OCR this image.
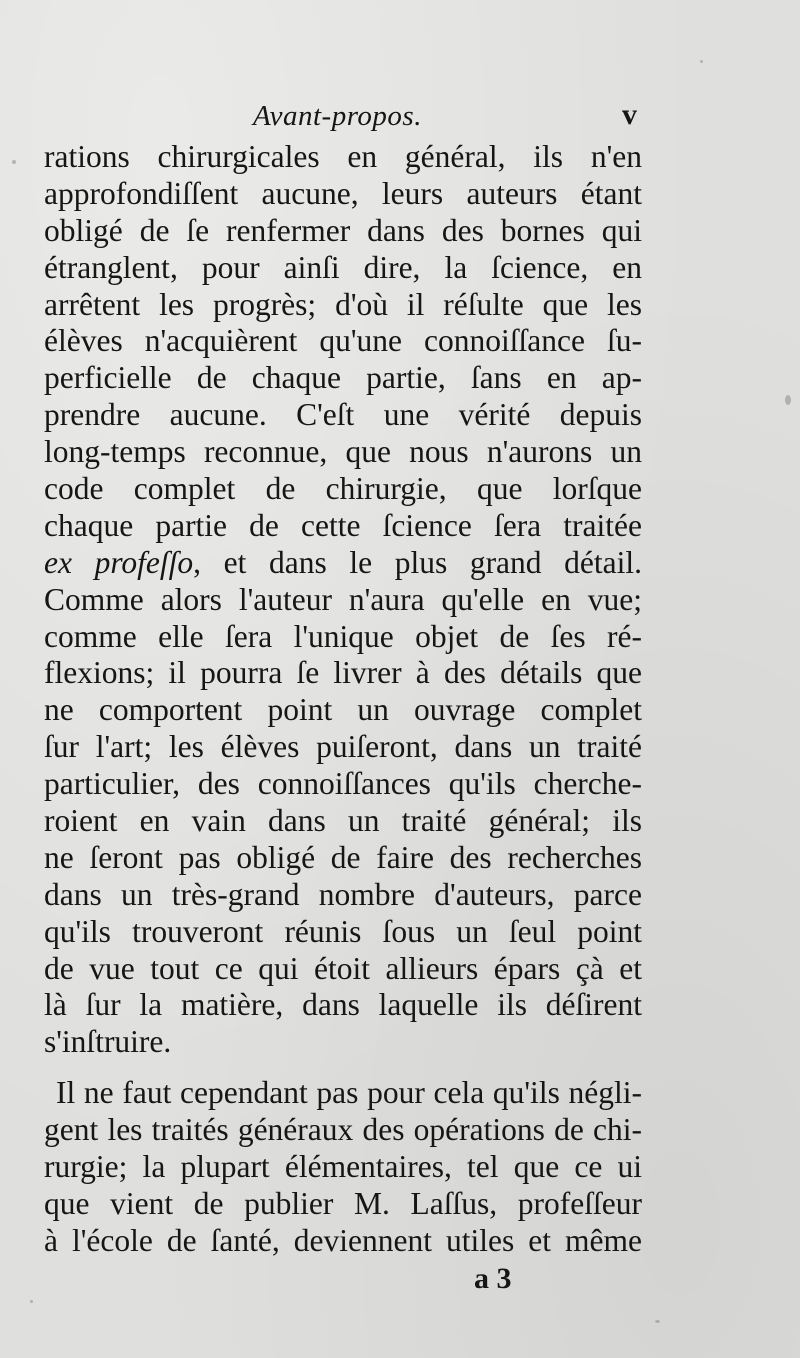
Avant-propos.	v
rations chirurgicales en général, ils n'en
approfondiſſent aucune, leurs auteurs étant
obligé de ſe renfermer dans des bornes qui
étranglent, pour ainſi dire, la ſcience, en
arrêtent les progrès; d'où il réſulte que les
élèves n'acquièrent qu'une connoiſſance ſu-
perficielle de chaque partie, ſans en ap-
prendre aucune. C'eſt une vérité depuis
long-temps reconnue, que nous n'aurons un
code complet de chirurgie, que lorſque
chaque partie de cette ſcience ſera traitée
ex profeſſo, et dans le plus grand détail.
Comme alors l'auteur n'aura qu'elle en vue;
comme elle ſera l'unique objet de ſes ré-
flexions; il pourra ſe livrer à des détails que
ne comportent point un ouvrage complet
ſur l'art; les élèves puiſeront, dans un traité
particulier, des connoiſſances qu'ils cherche-
roient en vain dans un traité général; ils
ne ſeront pas obligé de faire des recherches
dans un très-grand nombre d'auteurs, parce
qu'ils trouveront réunis ſous un ſeul point
de vue tout ce qui étoit allieurs épars çà et
là ſur la matière, dans laquelle ils déſirent
s'inſtruire.
Il ne faut cependant pas pour cela qu'ils négli-
gent les traités généraux des opérations de chi-
rurgie; la plupart élémentaires, tel que ce ui
que vient de publier M. Laſſus, profeſſeur
à l'école de ſanté, deviennent utiles et même
a 3
